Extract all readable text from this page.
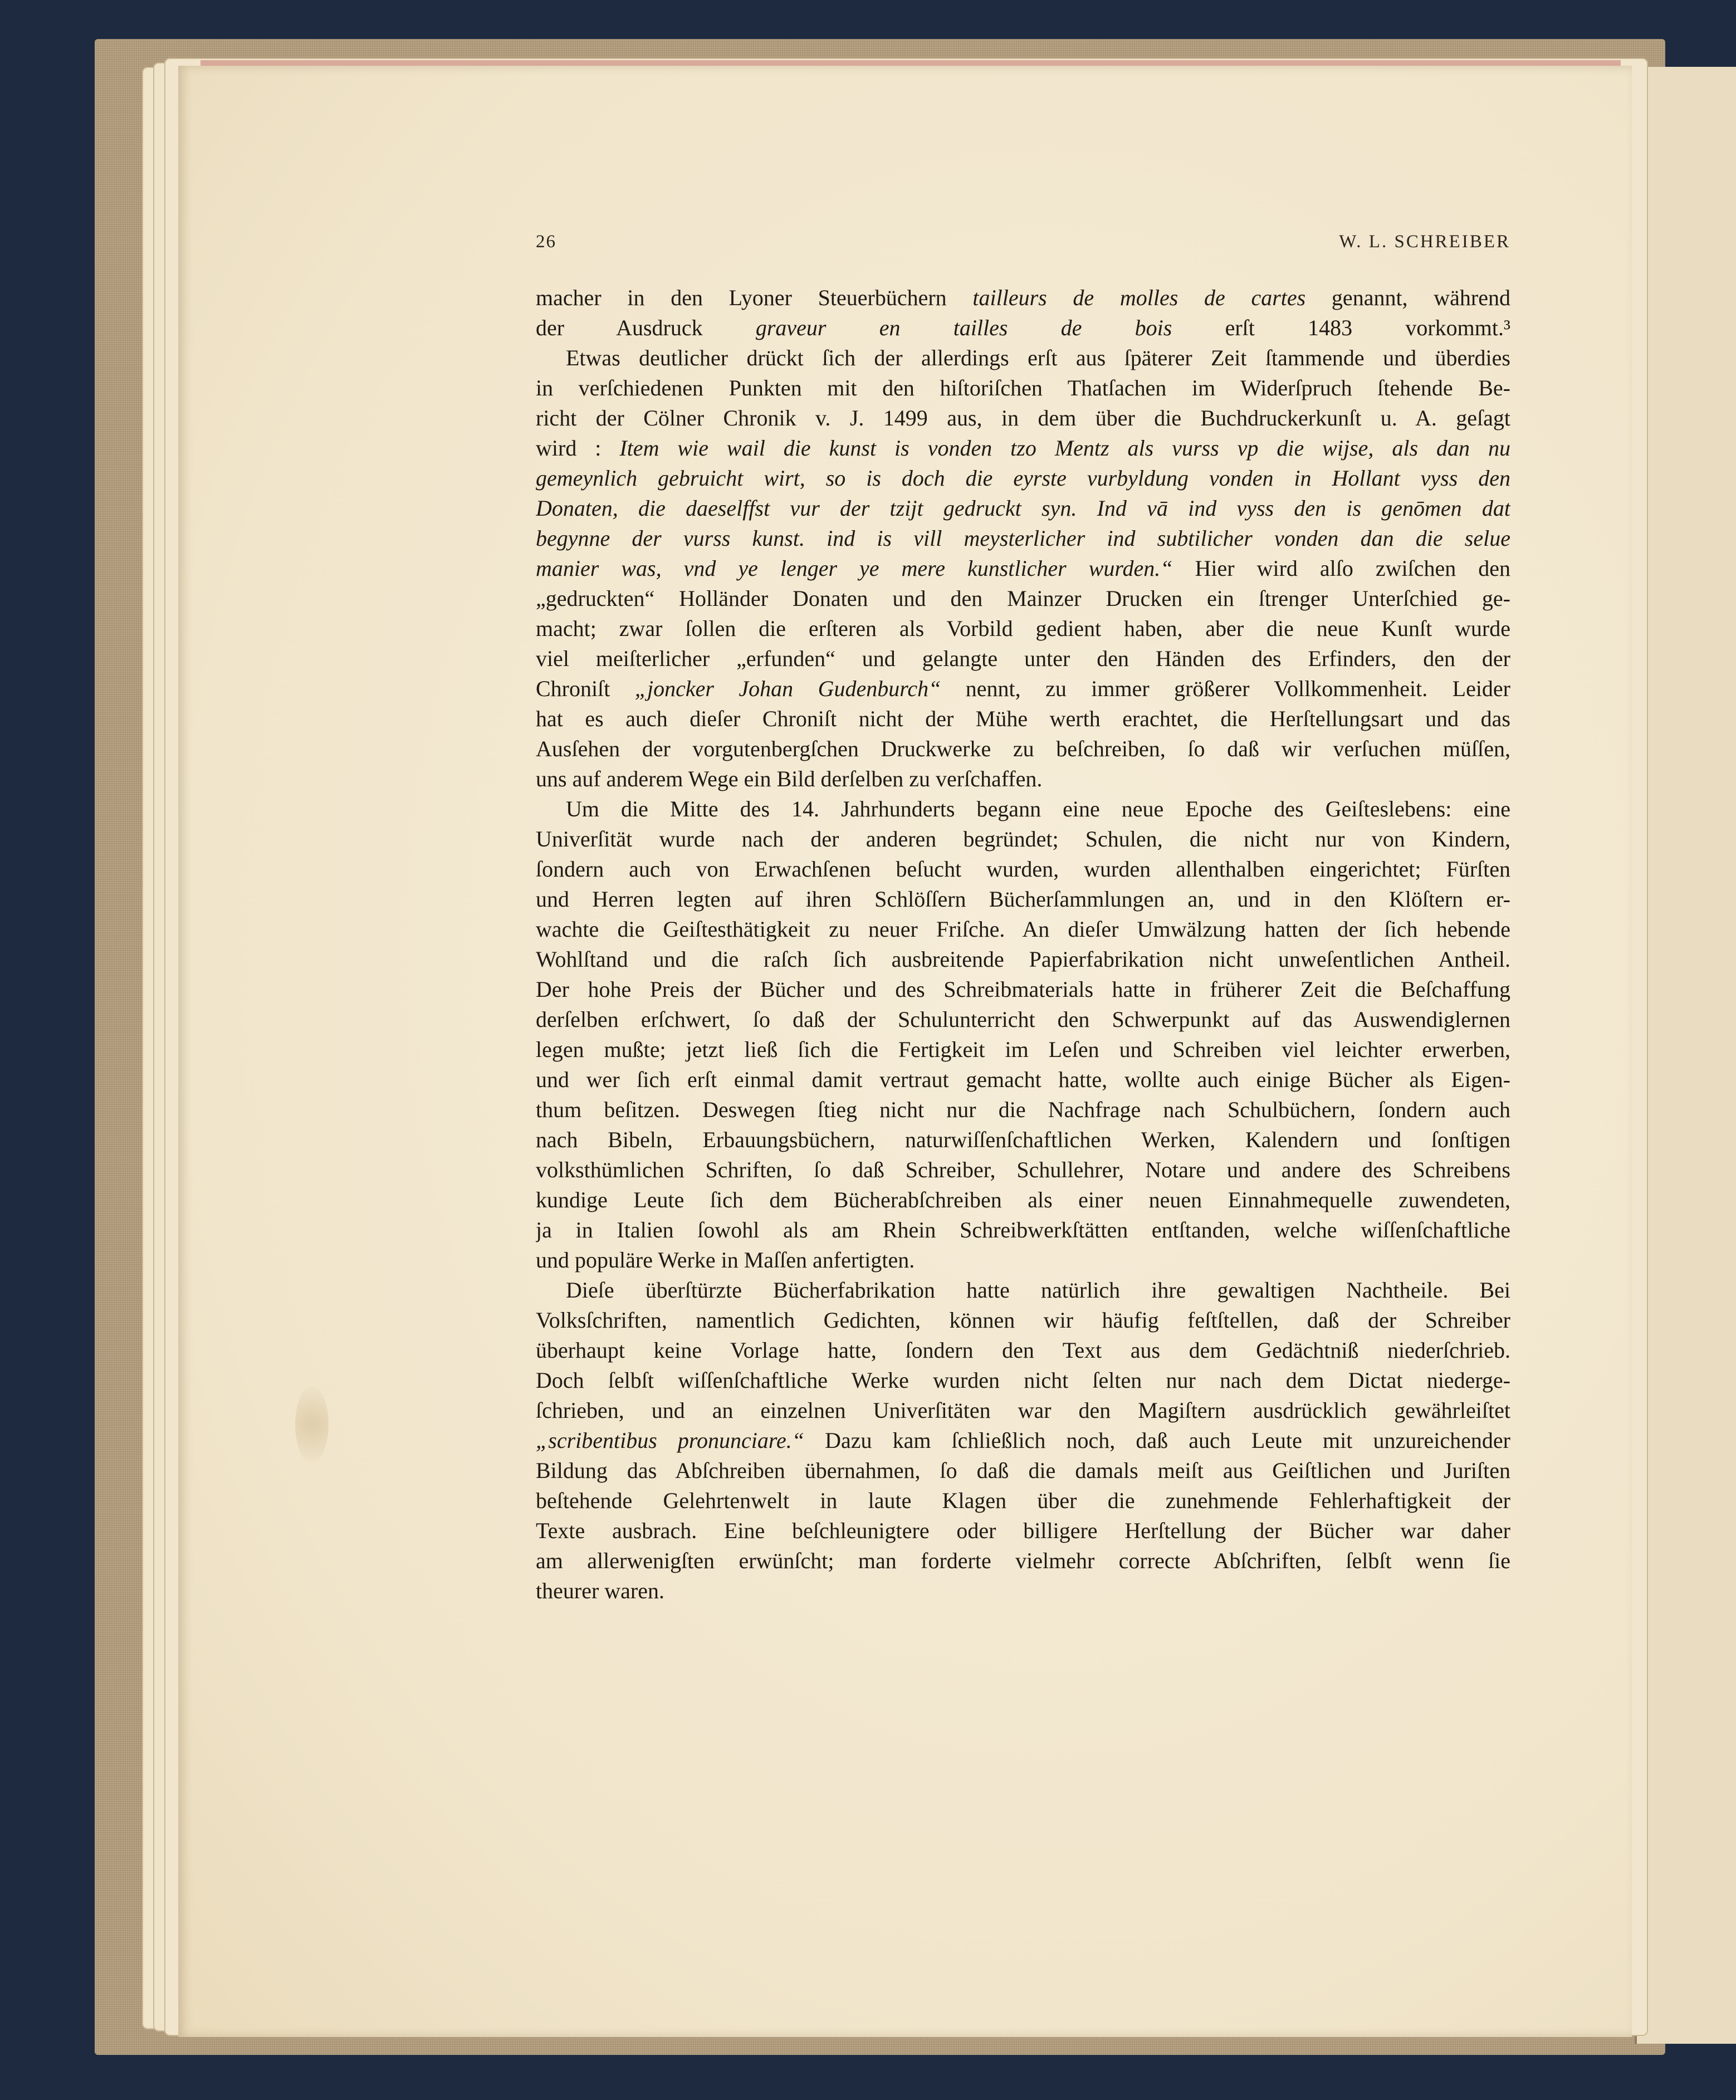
26	W. L. SCHREIBER
macher in den Lyoner Steuerbüchern tailleurs de molles de cartes genannt, während
der Ausdruck graveur en tailles de bois erſt 1483 vorkommt.³
Etwas deutlicher drückt ſich der allerdings erſt aus ſpäterer Zeit ſtammende und überdies
in verſchiedenen Punkten mit den hiſtoriſchen Thatſachen im Widerſpruch ſtehende Be-
richt der Cölner Chronik v. J. 1499 aus, in dem über die Buchdruckerkunſt u. A. geſagt
wird : Item wie wail die kunst is vonden tzo Mentz als vurss vp die wijse, als dan nu
gemeynlich gebruicht wirt, so is doch die eyrste vurbyldung vonden in Hollant vyss den
Donaten, die daeselffst vur der tzijt gedruckt syn. Ind vā ind vyss den is genōmen dat
begynne der vurss kunst. ind is vill meysterlicher ind subtilicher vonden dan die selue
manier was, vnd ye lenger ye mere kunstlicher wurden.“ Hier wird alſo zwiſchen den
„gedruckten“ Holländer Donaten und den Mainzer Drucken ein ſtrenger Unterſchied ge-
macht; zwar ſollen die erſteren als Vorbild gedient haben, aber die neue Kunſt wurde
viel meiſterlicher „erfunden“ und gelangte unter den Händen des Erfinders, den der
Chroniſt „joncker Johan Gudenburch“ nennt, zu immer größerer Vollkommenheit. Leider
hat es auch dieſer Chroniſt nicht der Mühe werth erachtet, die Herſtellungsart und das
Ausſehen der vorgutenbergſchen Druckwerke zu beſchreiben, ſo daß wir verſuchen müſſen,
uns auf anderem Wege ein Bild derſelben zu verſchaffen.
Um die Mitte des 14. Jahrhunderts begann eine neue Epoche des Geiſteslebens: eine
Univerſität wurde nach der anderen begründet; Schulen, die nicht nur von Kindern,
ſondern auch von Erwachſenen beſucht wurden, wurden allenthalben eingerichtet; Fürſten
und Herren legten auf ihren Schlöſſern Bücherſammlungen an, und in den Klöſtern er-
wachte die Geiſtesthätigkeit zu neuer Friſche. An dieſer Umwälzung hatten der ſich hebende
Wohlſtand und die raſch ſich ausbreitende Papierfabrikation nicht unweſentlichen Antheil.
Der hohe Preis der Bücher und des Schreibmaterials hatte in früherer Zeit die Beſchaffung
derſelben erſchwert, ſo daß der Schulunterricht den Schwerpunkt auf das Auswendiglernen
legen mußte; jetzt ließ ſich die Fertigkeit im Leſen und Schreiben viel leichter erwerben,
und wer ſich erſt einmal damit vertraut gemacht hatte, wollte auch einige Bücher als Eigen-
thum beſitzen. Deswegen ſtieg nicht nur die Nachfrage nach Schulbüchern, ſondern auch
nach Bibeln, Erbauungsbüchern, naturwiſſenſchaftlichen Werken, Kalendern und ſonſtigen
volksthümlichen Schriften, ſo daß Schreiber, Schullehrer, Notare und andere des Schreibens
kundige Leute ſich dem Bücherabſchreiben als einer neuen Einnahmequelle zuwendeten,
ja in Italien ſowohl als am Rhein Schreibwerkſtätten entſtanden, welche wiſſenſchaftliche
und populäre Werke in Maſſen anfertigten.
Dieſe überſtürzte Bücherfabrikation hatte natürlich ihre gewaltigen Nachtheile. Bei
Volksſchriften, namentlich Gedichten, können wir häufig feſtſtellen, daß der Schreiber
überhaupt keine Vorlage hatte, ſondern den Text aus dem Gedächtniß niederſchrieb.
Doch ſelbſt wiſſenſchaftliche Werke wurden nicht ſelten nur nach dem Dictat niederge-
ſchrieben, und an einzelnen Univerſitäten war den Magiſtern ausdrücklich gewährleiſtet
„scribentibus pronunciare.“ Dazu kam ſchließlich noch, daß auch Leute mit unzureichender
Bildung das Abſchreiben übernahmen, ſo daß die damals meiſt aus Geiſtlichen und Juriſten
beſtehende Gelehrtenwelt in laute Klagen über die zunehmende Fehlerhaftigkeit der
Texte ausbrach. Eine beſchleunigtere oder billigere Herſtellung der Bücher war daher
am allerwenigſten erwünſcht; man forderte vielmehr correcte Abſchriften, ſelbſt wenn ſie
theurer waren.
